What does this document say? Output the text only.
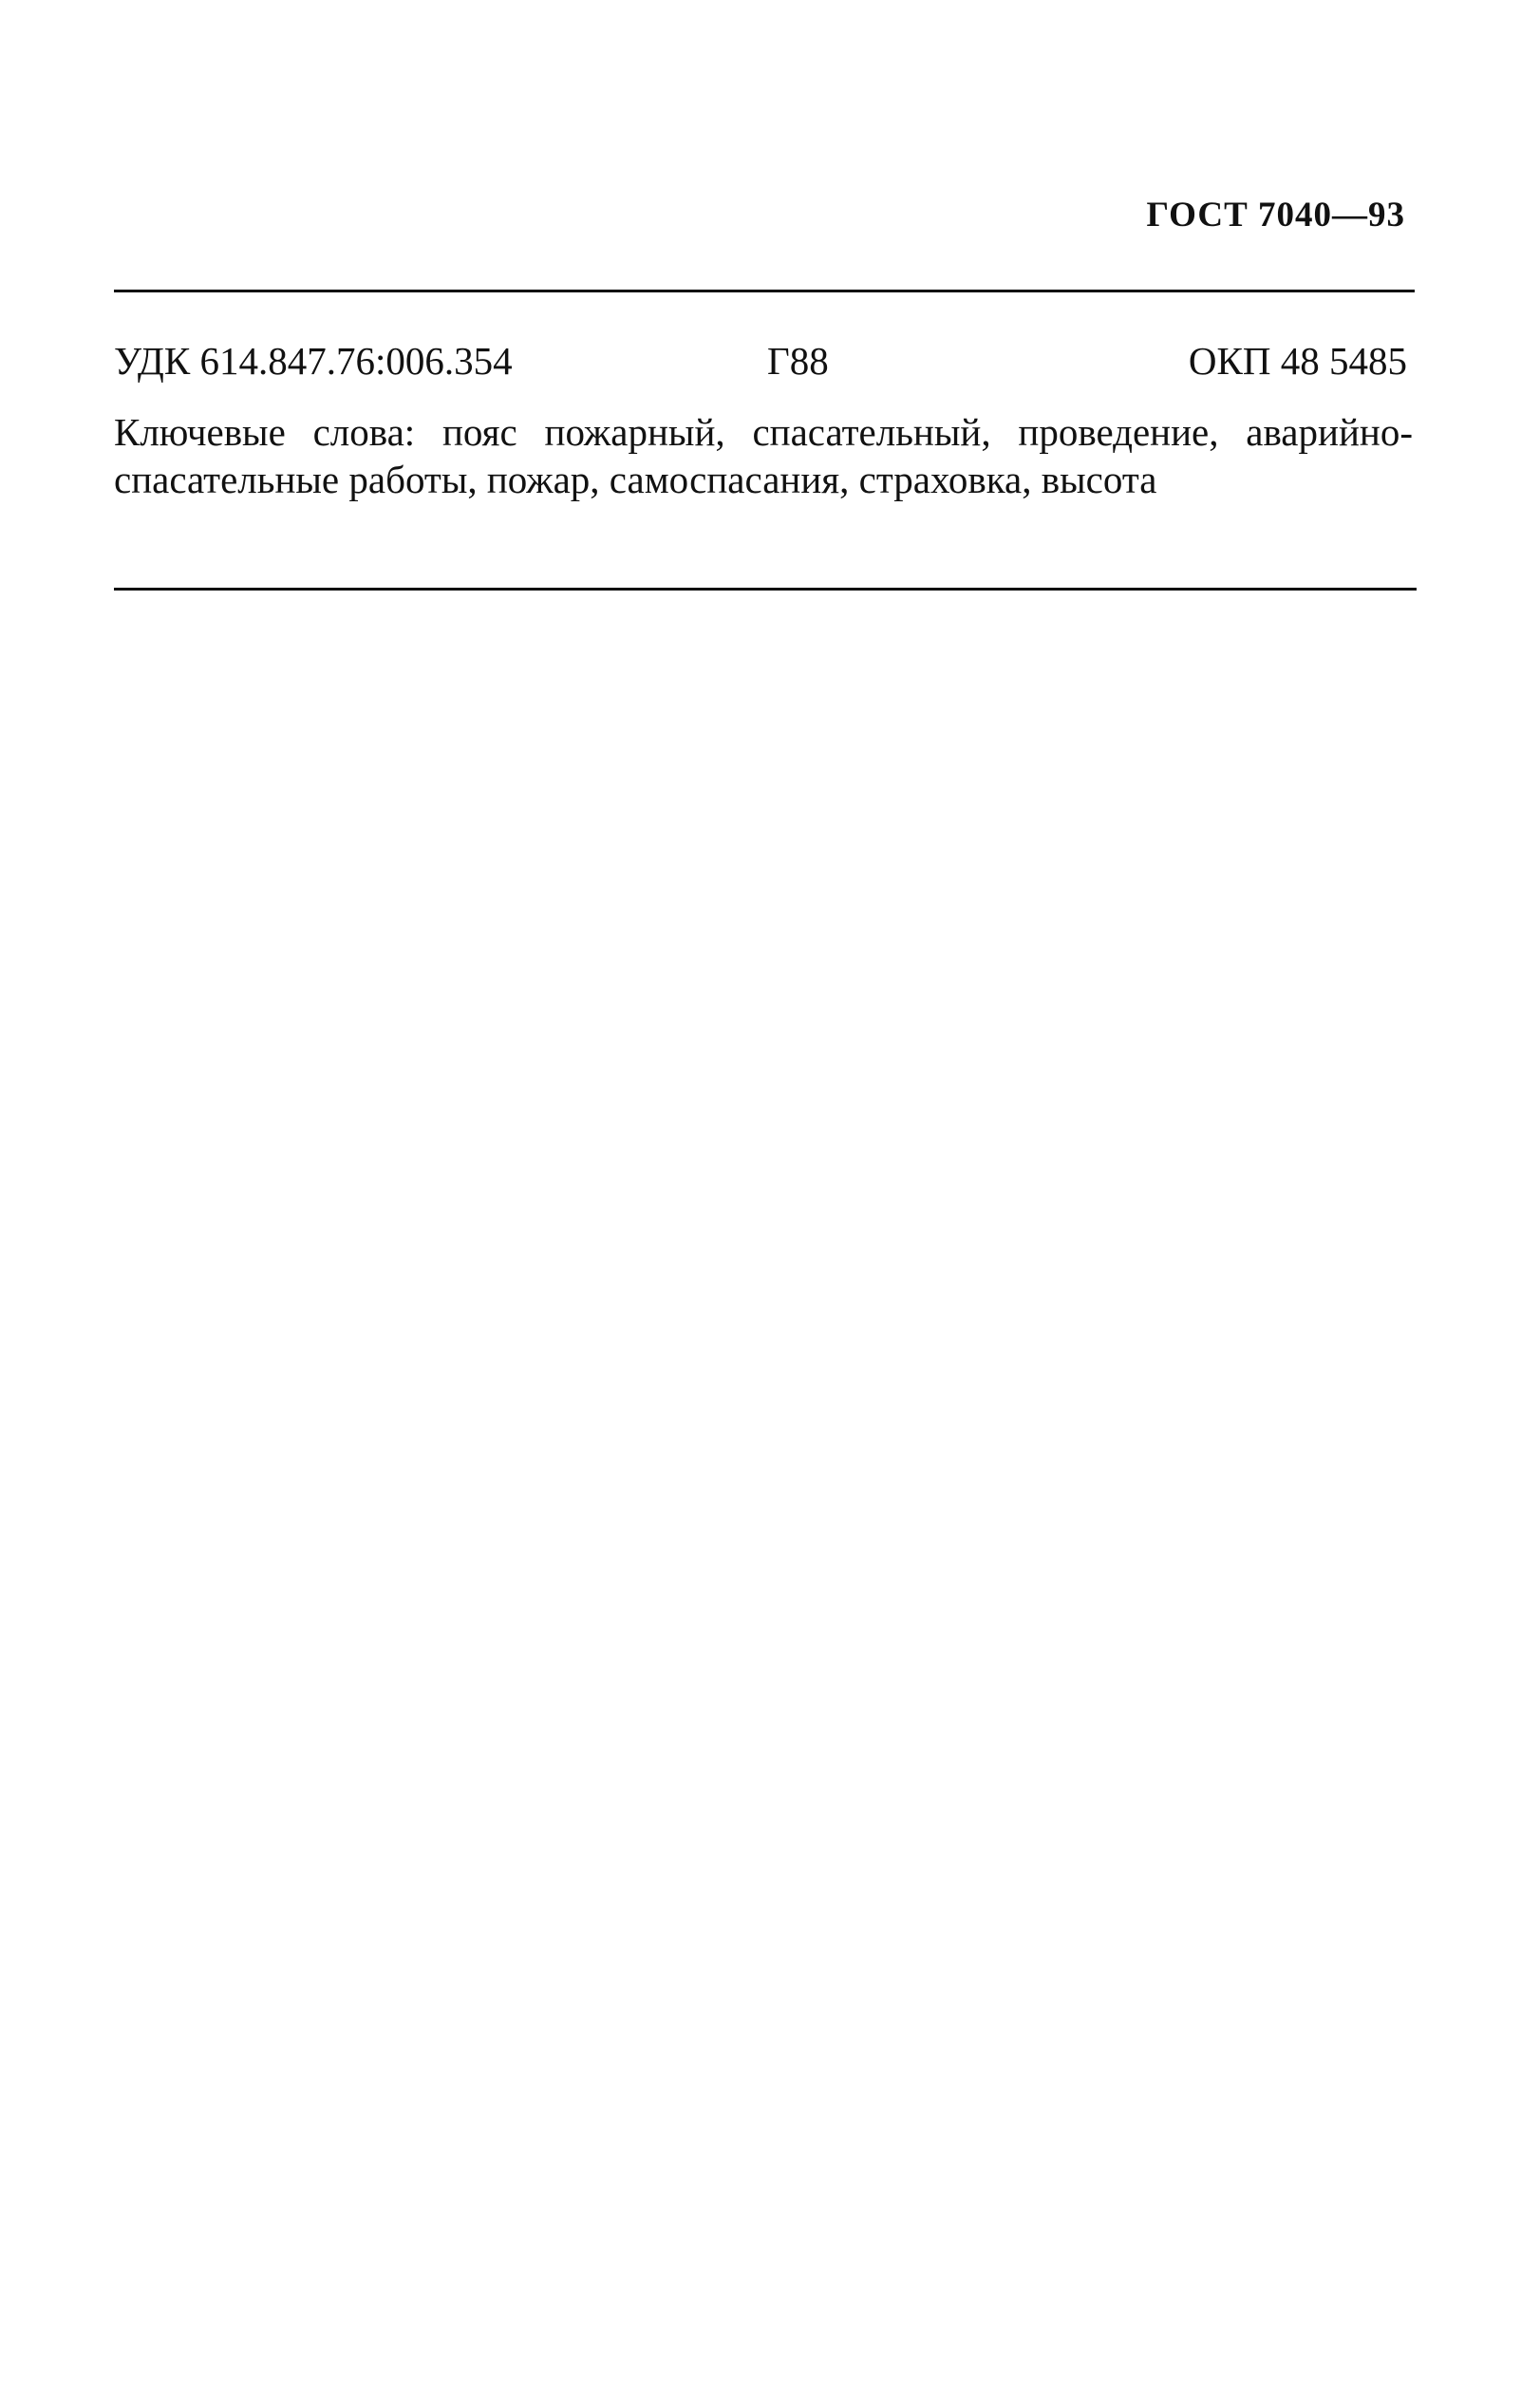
ГОСТ 7040—93
УДК 614.847.76:006.354	Г88	ОКП 48 5485
Ключевые слова: пояс пожарный, спасательный, проведение, аварийно-спасательные работы, пожар, самоспасания, страховка, высота
